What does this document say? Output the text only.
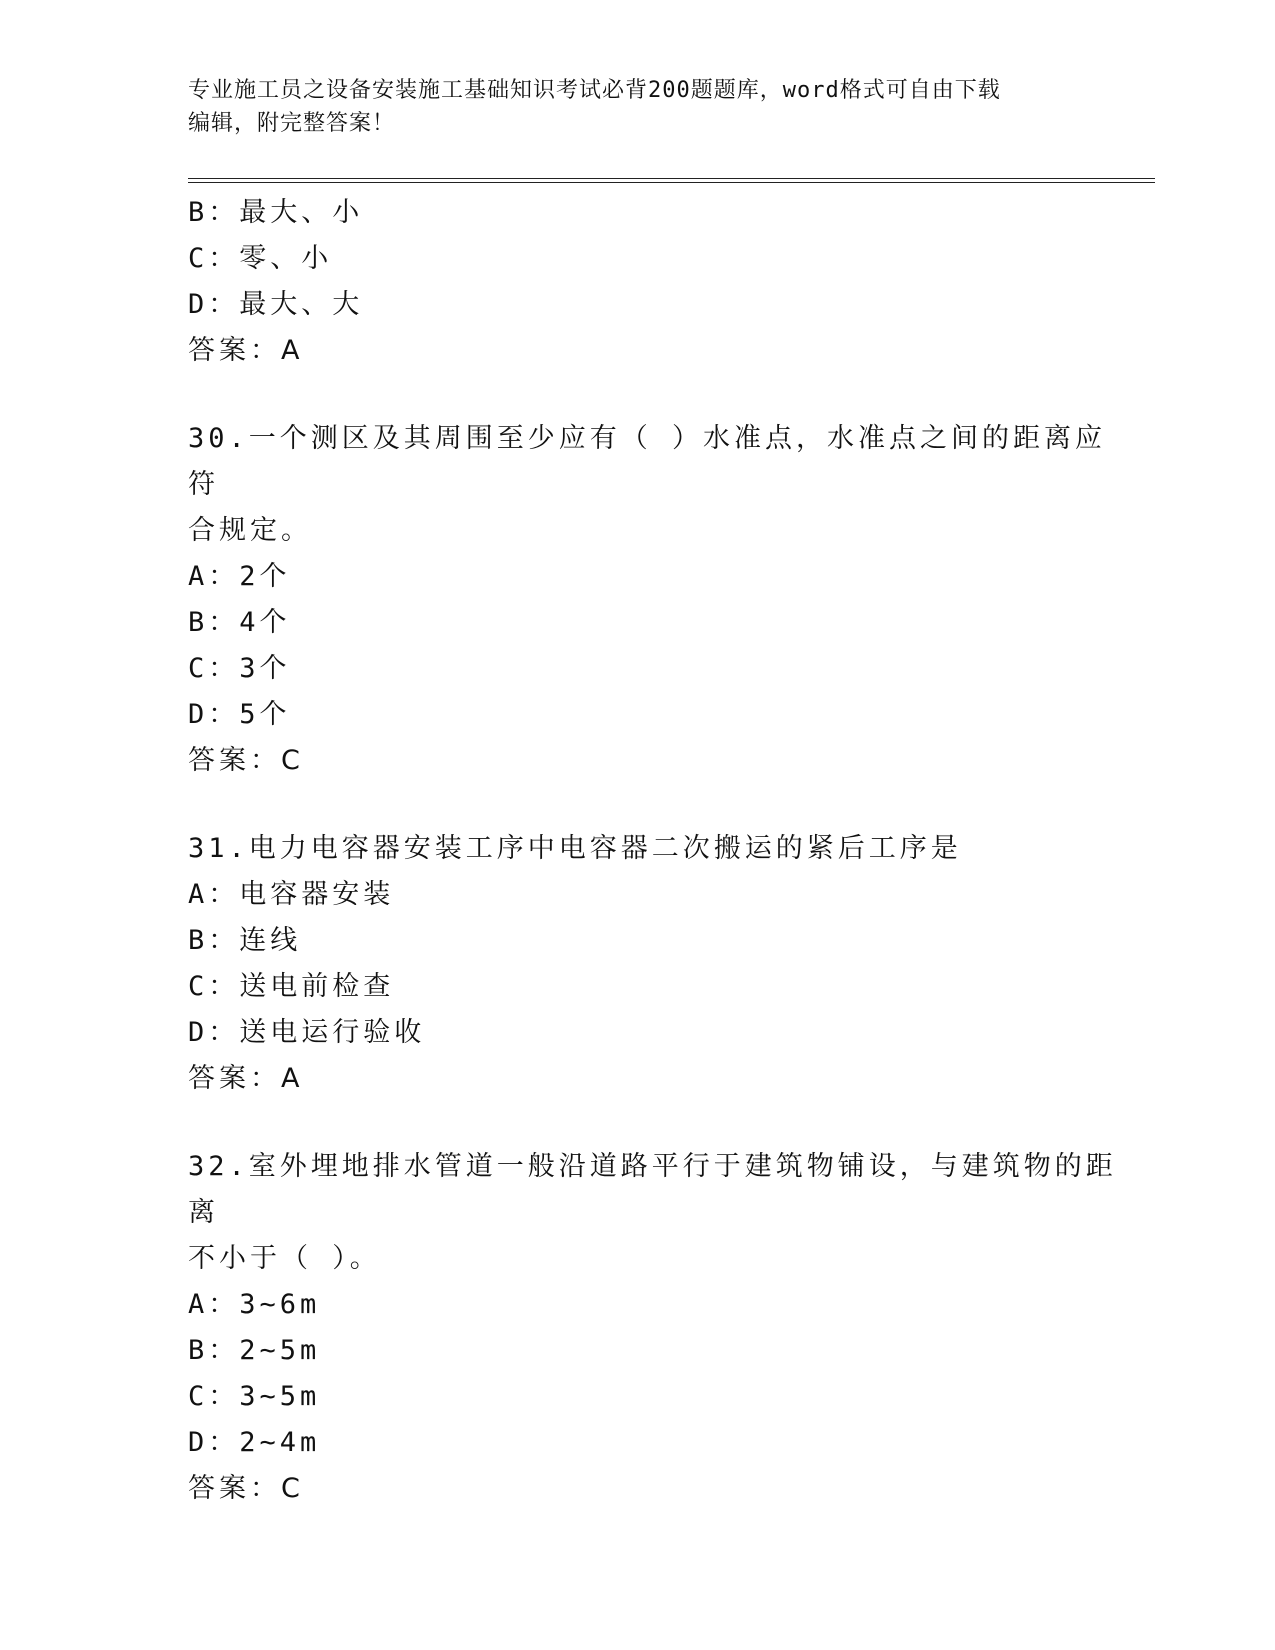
专业施工员之设备安装施工基础知识考试必背200题题库，word格式可自由下载
编辑，附完整答案！
B：最大、小
C：零、小
D：最大、大
答案：A
30.一个测区及其周围至少应有（ ）水准点，水准点之间的距离应符
合规定。
A：2个
B：4个
C：3个
D：5个
答案：C
31.电力电容器安装工序中电容器二次搬运的紧后工序是
A：电容器安装
B：连线
C：送电前检查
D：送电运行验收
答案：A
32.室外埋地排水管道一般沿道路平行于建筑物铺设，与建筑物的距离
不小于（ ）。
A：3~6m
B：2~5m
C：3~5m
D：2~4m
答案：C
